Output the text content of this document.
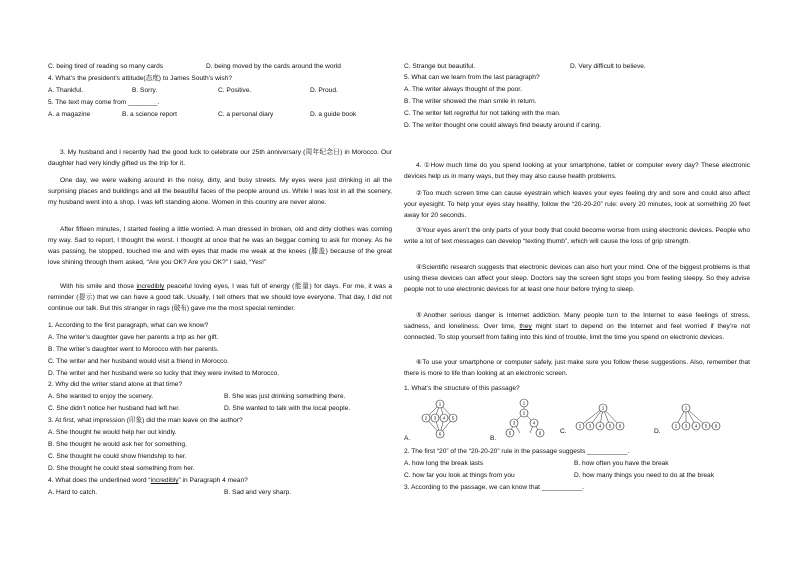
C. being tired of reading so many cards	D. being moved by the cards around the world
4. What’s the president’s attitude(态度) to James South’s wish?
A. Thankful.	B. Sorry.	C. Positive.	D. Proud.
5. The text may come from ________.
A. a magazine	B. a science report	C. a personal diary	D. a guide book
3. My husband and I recently had the good luck to celebrate our 25th anniversary (周年纪念日) in Morocco. Our daughter had very kindly gifted us the trip for it.
One day, we were walking around in the noisy, dirty, and busy streets. My eyes were just drinking in all the surprising places and buildings and all the beautiful faces of the people around us. While I was lost in all the scenery, my husband went into a shop. I was left standing alone. Women in this country are never alone.
After fifteen minutes, I started feeling a little worried. A man dressed in broken, old and dirty clothes was coming my way. Sad to report, I thought the worst. I thought at once that he was an beggar coming to ask for money. As he was passing, he stopped, touched me and with eyes that made me weak at the knees (膝盖) because of the great love shining through them asked, “Are you OK? Are you OK?” I said, “Yes!”
With his smile and those incredibly peaceful loving eyes, I was full of energy (能量) for days. For me, it was a reminder (提示) that we can have a good talk. Usually, I tell others that we should love everyone. That day, I did not continue our talk. But this stranger in rags (破布) gave me the most special reminder.
1. According to the first paragraph, what can we know?
A. The writer’s daughter gave her parents a trip as her gift.
B. The writer’s daughter went to Morocco with her parents.
C. The writer and her husband would visit a friend in Morocco.
D. The writer and her husband were so lucky that they were invited to Morocco.
2. Why did the writer stand alone at that time?
A. She wanted to enjoy the scenery.	B. She was just drinking something there.
C. She didn’t notice her husband had left her.	D. She wanted to talk with the local people.
3. At first, what impression (印象) did the man leave on the author?
A. She thought he would help her out kindly.
B. She thought he would ask her for something.
C. She thought he could show friendship to her.
D. She thought he could steal something from her.
4. What does the underlined word “incredibly” in Paragraph 4 mean?
A. Hard to catch.	B. Sad and very sharp.
C. Strange but beautiful.	D. Very difficult to believe.
5. What can we learn from the last paragraph?
A. The writer always thought of the poor.
B. The writer showed the man smile in return.
C. The writer felt regretful for not talking with the man.
D. The writer thought one could always find beauty around if caring.
4. ①How much time do you spend looking at your smartphone, tablet or computer every day? These electronic devices help us in many ways, but they may also cause health problems.
②Too much screen time can cause eyestrain which leaves your eyes feeling dry and sore and could also affect your eyesight. To help your eyes stay healthy, follow the “20-20-20” rule: every 20 minutes, look at something 20 feet away for 20 seconds.
③Your eyes aren’t the only parts of your body that could become worse from using electronic devices. People who write a lot of text messages can develop “texting thumb”, which will cause the loss of grip strength.
④Scientific research suggests that electronic devices can also hurt your mind. One of the biggest problems is that using these devices can affect your sleep. Doctors say the screen light stops you from feeling sleepy. So they advise people not to use electronic devices for at least one hour before trying to sleep.
⑤Another serious danger is Internet addiction. Many people turn to the Internet to ease feelings of stress, sadness, and loneliness. Over time, they might start to depend on the Internet and feel worried if they’re not connected. To stop yourself from falling into this kind of trouble, limit the time you spend on electronic devices.
⑥To use your smartphone or computer safely, just make sure you follow these suggestions. Also, remember that there is more to life than looking at an electronic screen.
1. What’s the structure of this passage?
A.
1
2 3 4 5
6
B.
1
2
3	4
5	6	C.
1
2 3 4 5 6
D.
1
2 3 4 5 6
2. The first “20” of the “20-20-20” rule in the passage suggests ___________.
A. how long the break lasts	B. how often you have the break
C. how far you look at things from you	D. how many things you need to do at the break
3. According to the passage, we can know that ___________.
